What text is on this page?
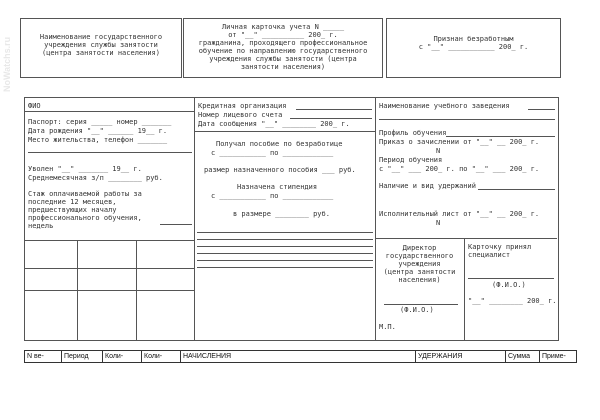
NoWatchs.ru	Наименование государственного
учреждения службы занятости
(центра занятости населения)
Личная карточка учета N _____
от "__" __________ 200_ г.
гражданина, проходящего профессиональное
обучение по направлению государственного
учреждения службы занятости (центра
занятости населения)
Признан безработным
с "__" ___________ 200_ г.
ФИО
Паспорт: серия _____ номер _______
Дата рождения "__" ______ 19__ г.
Место жительства, телефон _______
Уволен "__" _______ 19__ г.
Среднемесячная з/п ________ руб.
Стаж оплачиваемой работы за
последние 12 месяцев,
предшествующих началу
профессионального обучения,
недель
Кредитная организация
Номер лицевого счета
Дата сообщения "__" ________ 200_ г.
Получал пособие по безработице
с ___________ по ____________
размер назначенного пособия ___ руб.
Назначена стипендия
с ___________ по ____________
в размере ________ руб.
Наименование учебного заведения
Профиль обучения
Приказ о зачислении от "__" __ 200_ г.
N
Период обучения
с "__" ___ 200_ г. по "__" ___ 200_ г.
Наличие и вид удержаний
Исполнительный лист от "__" __ 200_ г.
N
Директор
государственного
учреждения
(центра занятости
населения)
(Ф.И.О.)
М.П.
Карточку принял
специалист
(Ф.И.О.)
"__" ________ 200_ г.
N ве-	Период	Коли-	Коли-	НАЧИСЛЕНИЯ	УДЕРЖАНИЯ	Сумма	Приме-
